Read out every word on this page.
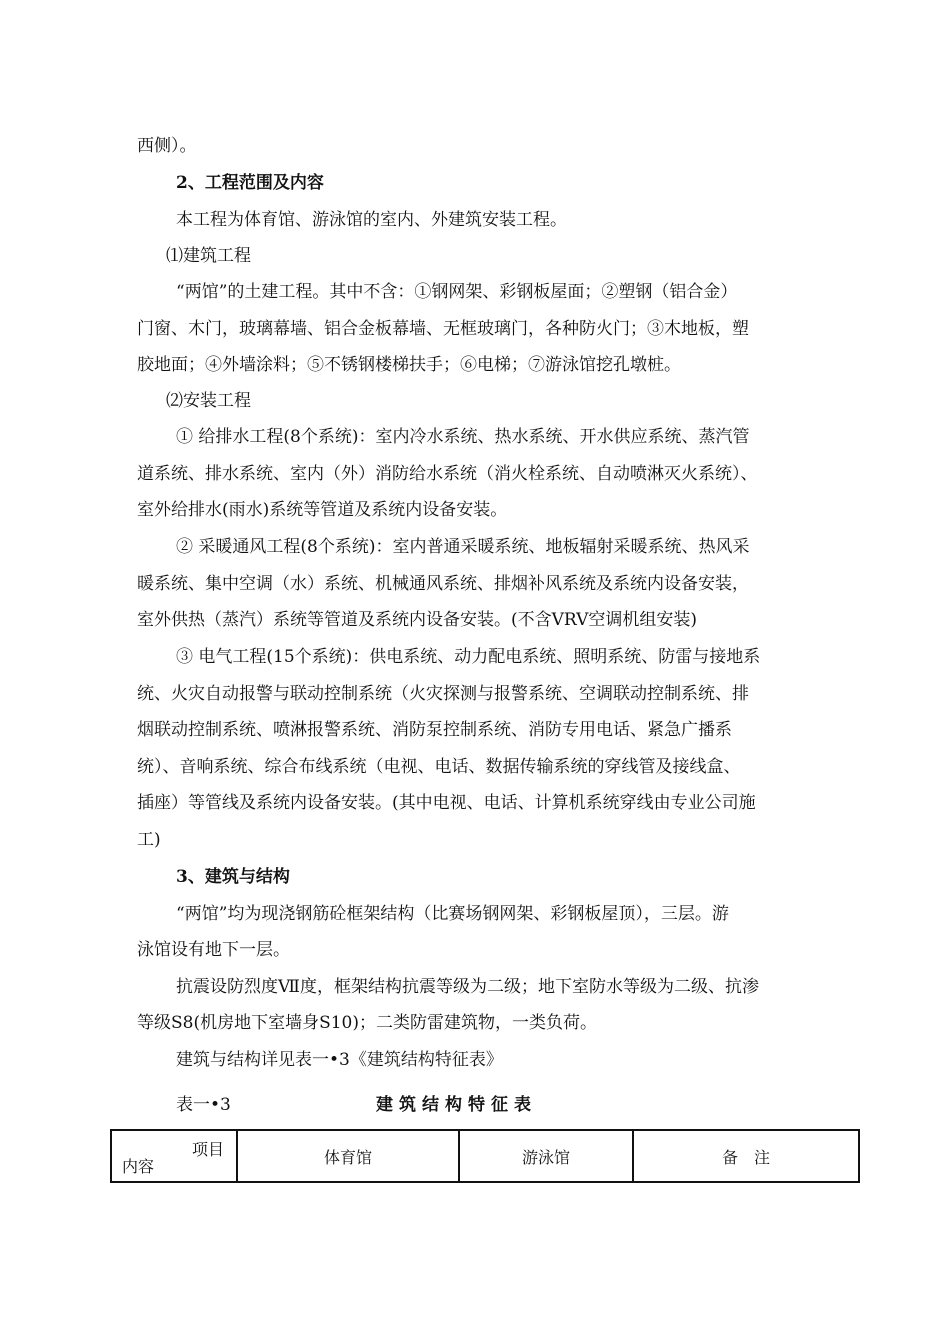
西侧）。
2、工程范围及内容
本工程为体育馆、游泳馆的室内、外建筑安装工程。
⑴建筑工程
“两馆”的土建工程。其中不含：①钢网架、彩钢板屋面；②塑钢（铝合金）
门窗、木门，玻璃幕墙、铝合金板幕墙、无框玻璃门，各种防火门；③木地板，塑
胶地面；④外墙涂料；⑤不锈钢楼梯扶手；⑥电梯；⑦游泳馆挖孔墩桩。
⑵安装工程
① 给排水工程(8个系统)：室内冷水系统、热水系统、开水供应系统、蒸汽管
道系统、排水系统、室内（外）消防给水系统（消火栓系统、自动喷淋灭火系统）、
室外给排水(雨水)系统等管道及系统内设备安装。
② 采暖通风工程(8个系统)：室内普通采暖系统、地板辐射采暖系统、热风采
暖系统、集中空调（水）系统、机械通风系统、排烟补风系统及系统内设备安装，
室外供热（蒸汽）系统等管道及系统内设备安装。(不含VRV空调机组安装)
③ 电气工程(15个系统)：供电系统、动力配电系统、照明系统、防雷与接地系
统、火灾自动报警与联动控制系统（火灾探测与报警系统、空调联动控制系统、排
烟联动控制系统、喷淋报警系统、消防泵控制系统、消防专用电话、紧急广播系
统）、音响系统、综合布线系统（电视、电话、数据传输系统的穿线管及接线盒、
插座）等管线及系统内设备安装。(其中电视、电话、计算机系统穿线由专业公司施
工)
3、建筑与结构
“两馆”均为现浇钢筋砼框架结构（比赛场钢网架、彩钢板屋顶），三层。游
泳馆设有地下一层。
抗震设防烈度Ⅶ度，框架结构抗震等级为二级；地下室防水等级为二级、抗渗
等级S8(机房地下室墙身S10)；二类防雷建筑物，一类负荷。
建筑与结构详见表一•3《建筑结构特征表》
表一•3	建筑结构特征表
项目
内容	体育馆	游泳馆	备　注
